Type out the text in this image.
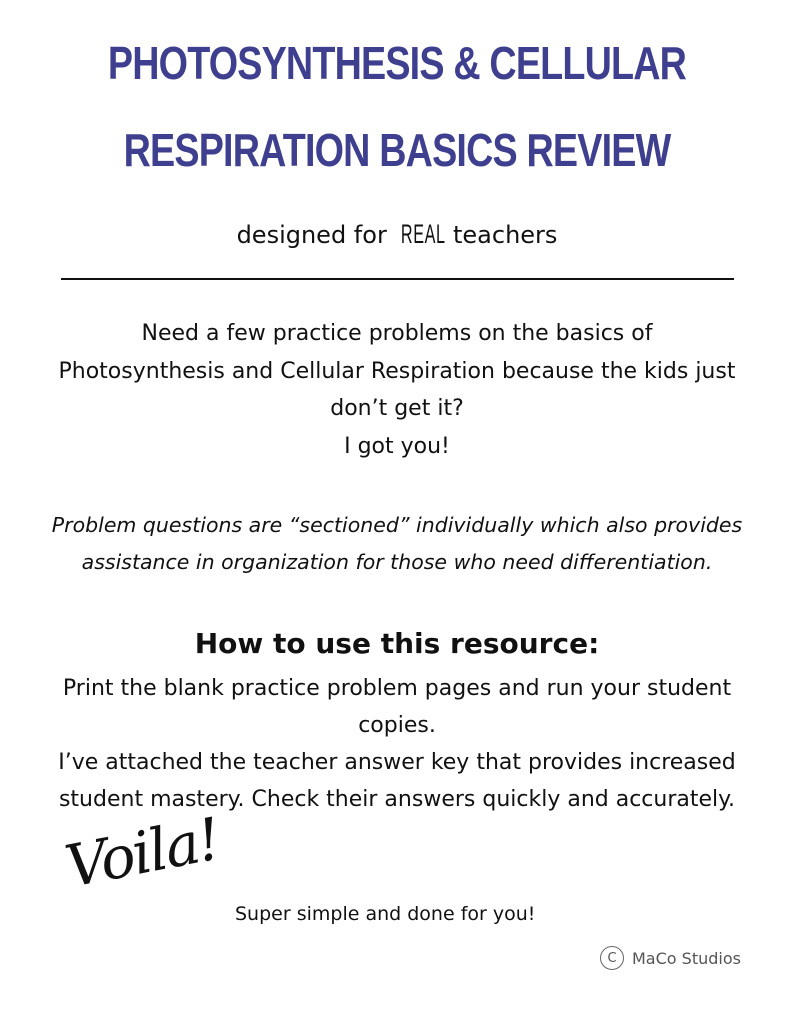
PHOTOSYNTHESIS & CELLULAR
RESPIRATION BASICS REVIEW
designed for REAL teachers

Need a few practice problems on the basics of

Photosynthesis and Cellular Respiration because the kids just

don’t get it?

I got you!

Problem questions are “sectioned” individually which also provides

assistance in organization for those who need differentiation.

How to use this resource:

Print the blank practice problem pages and run your student

copies.

I’ve attached the teacher answer key that provides increased

student mastery. Check their answers quickly and accurately.

Voila!
Super simple and done for you!
C MaCo Studios
